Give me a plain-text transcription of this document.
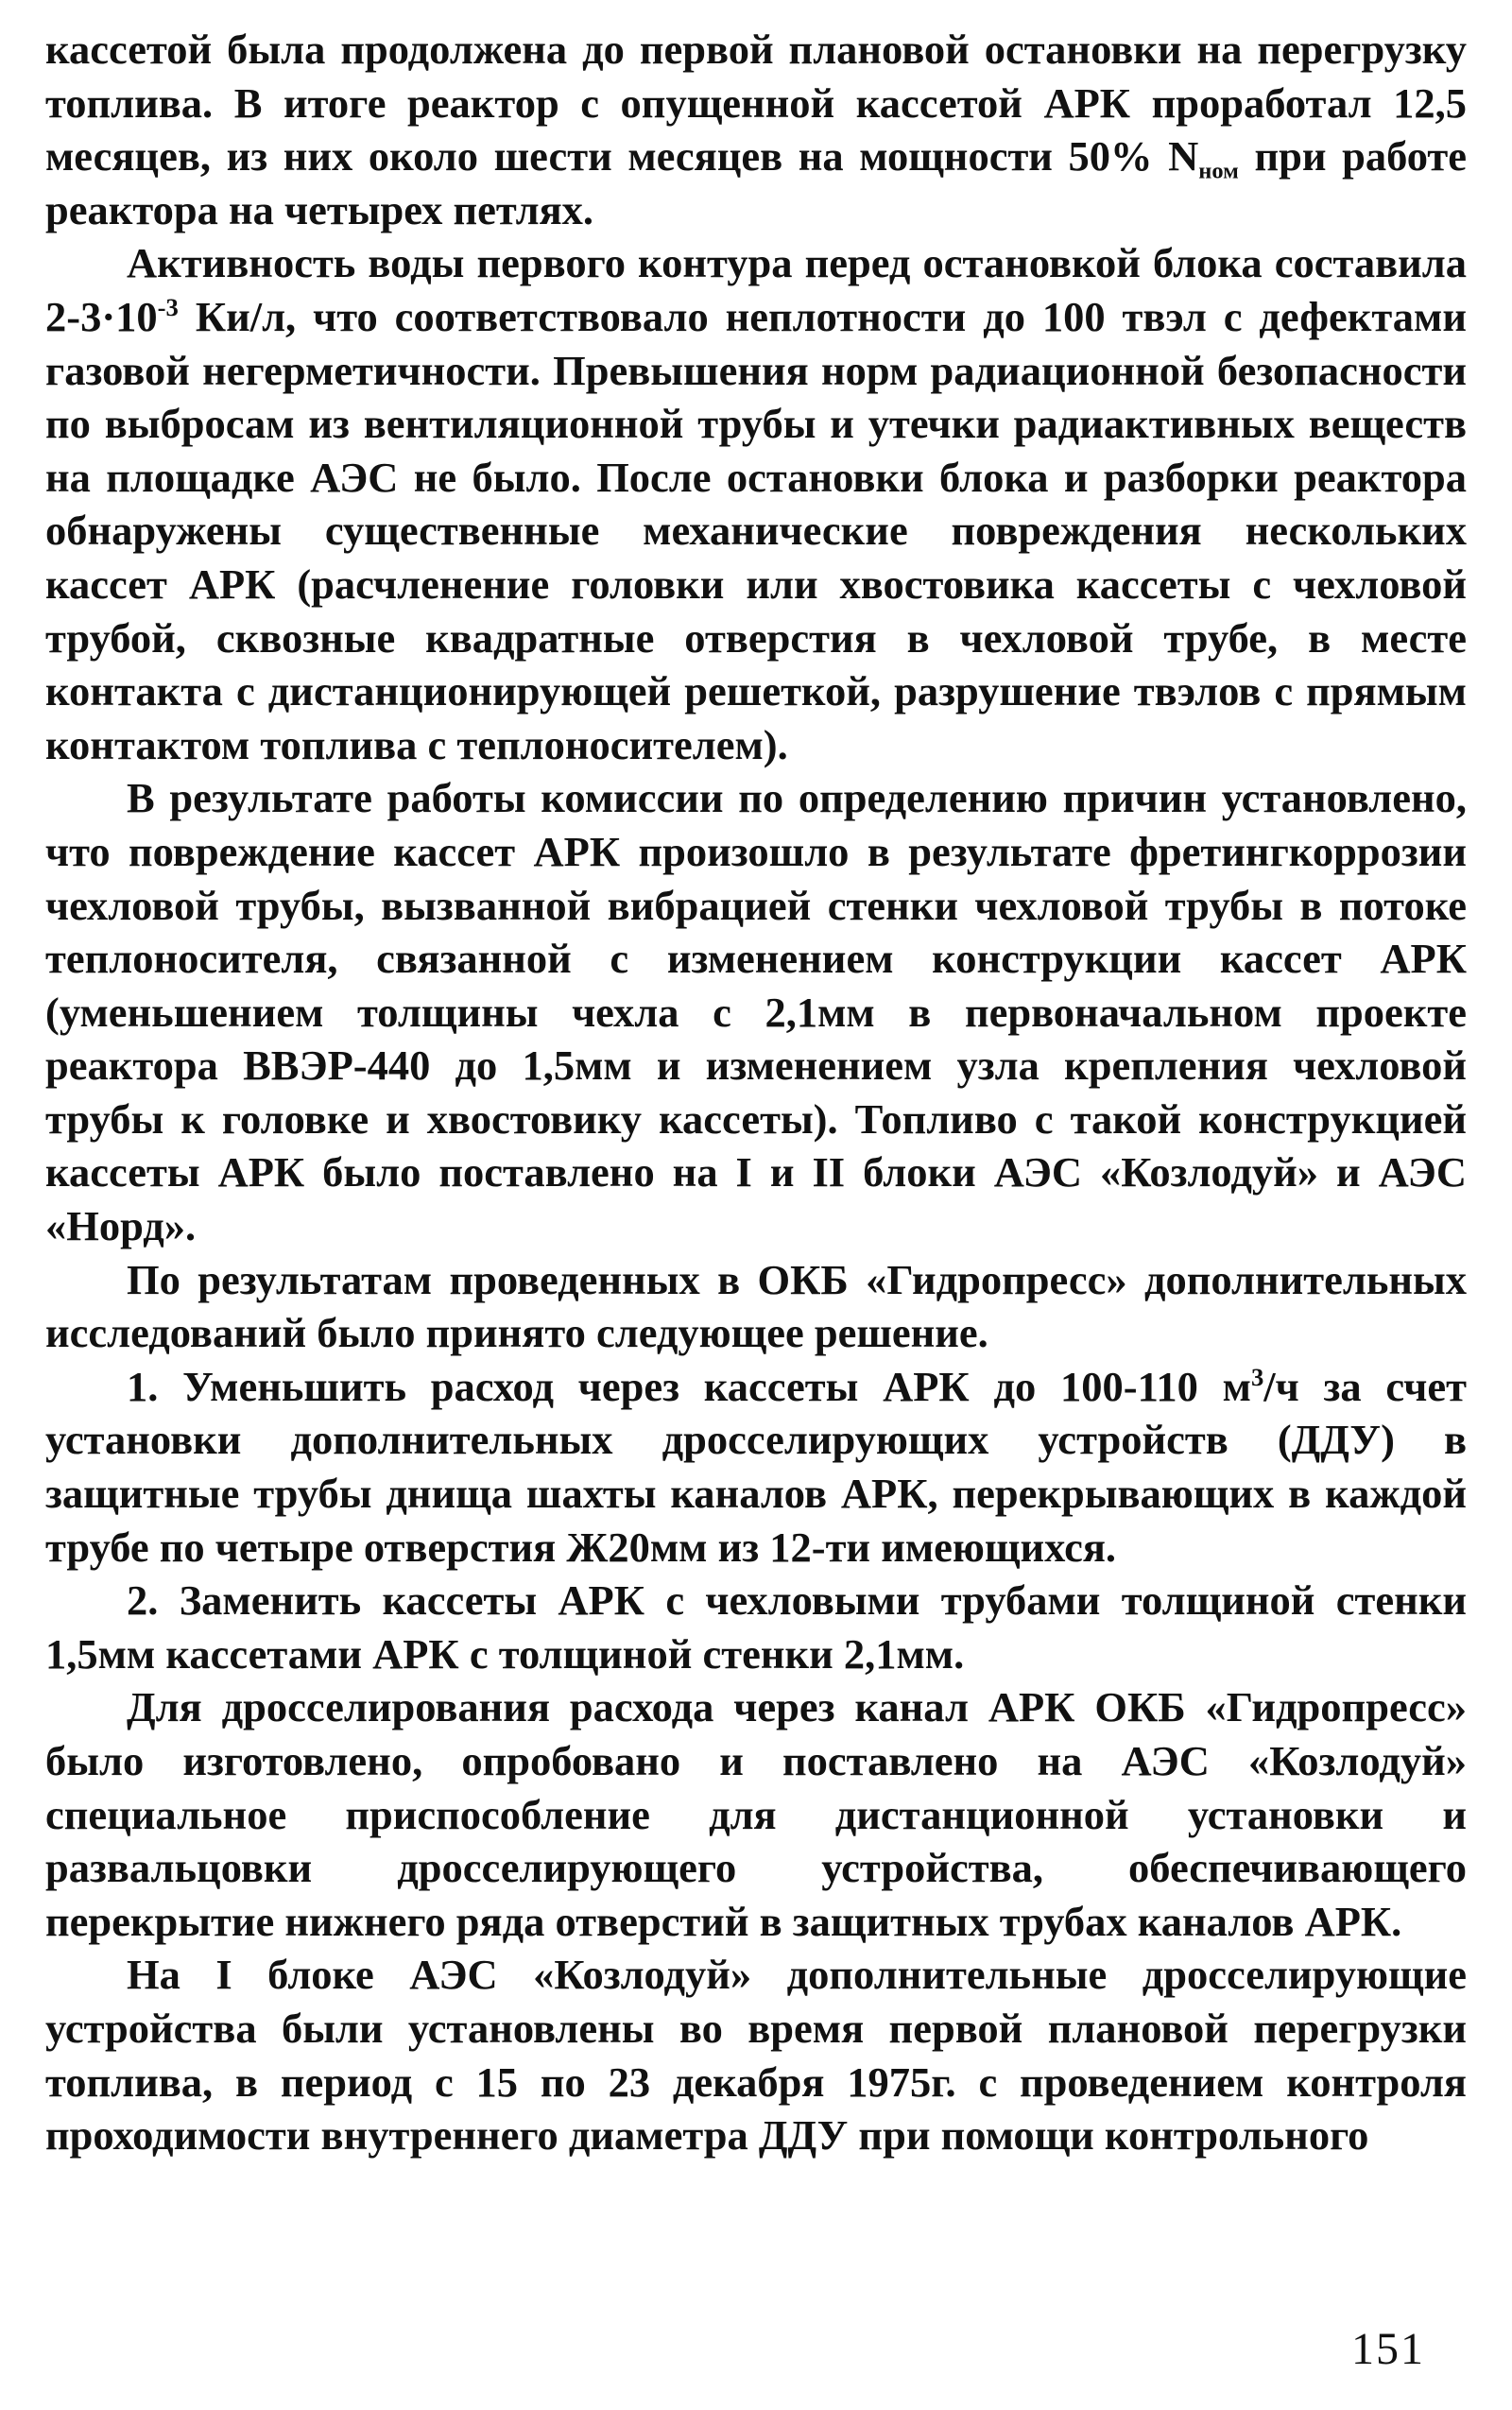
кассетой была продолжена до первой плановой остановки на перегрузку топлива. В итоге реактор с опущенной кассетой АРК проработал 12,5 месяцев, из них около шести месяцев на мощности 50% $N_{ном}$ при работе реактора на четырех петлях.

Активность воды первого контура перед остановкой блока составила $2-3\cdot 10^{-3}$ Ки/л, что соответствовало неплотности до 100 твэл с дефектами газовой негерметичности. Превышения норм радиационной безопасности по выбросам из вентиляционной трубы и утечки радиактивных веществ на площадке АЭС не было. После остановки блока и разборки реактора обнаружены существенные механические повреждения нескольких кассет АРК (расчленение головки или хвостовика кассеты с чехловой трубой, сквозные квадратные отверстия в чехловой трубе, в месте контакта с дистанционирующей решеткой, разрушение твэлов с прямым контактом топлива с теплоносителем).

В результате работы комиссии по определению причин установлено, что повреждение кассет АРК произошло в результате фретингкоррозии чехловой трубы, вызванной вибрацией стенки чехловой трубы в потоке теплоносителя, связанной с изменением конструкции кассет АРК (уменьшением толщины чехла с 2,1мм в первоначальном проекте реактора ВВЭР-440 до 1,5мм и изменением узла крепления чехловой трубы к головке и хвостовику кассеты). Топливо с такой конструкцией кассеты АРК было поставлено на I и II блоки АЭС «Козлодуй» и АЭС «Норд».

По результатам проведенных в ОКБ «Гидропресс» дополнительных исследований было принято следующее решение.

1. Уменьшить расход через кассеты АРК до 100-110 $м^3/ч$ за счет установки дополнительных дросселирующих устройств (ДДУ) в защитные трубы днища шахты каналов АРК, перекрывающих в каждой трубе по четыре отверстия Ж20мм из 12-ти имеющихся.

2. Заменить кассеты АРК с чехловыми трубами толщиной стенки 1,5мм кассетами АРК с толщиной стенки 2,1мм.

Для дросселирования расхода через канал АРК ОКБ «Гидропресс» было изготовлено, опробовано и поставлено на АЭС «Козлодуй» специальное приспособление для дистанционной установки и развальцовки дросселирующего устройства, обеспечивающего перекрытие нижнего ряда отверстий в защитных трубах каналов АРК.

На I блоке АЭС «Козлодуй» дополнительные дросселирующие устройства были установлены во время первой плановой перегрузки топлива, в период с 15 по 23 декабря 1975г. с проведением контроля проходимости внутреннего диаметра ДДУ при помощи контрольного

151
